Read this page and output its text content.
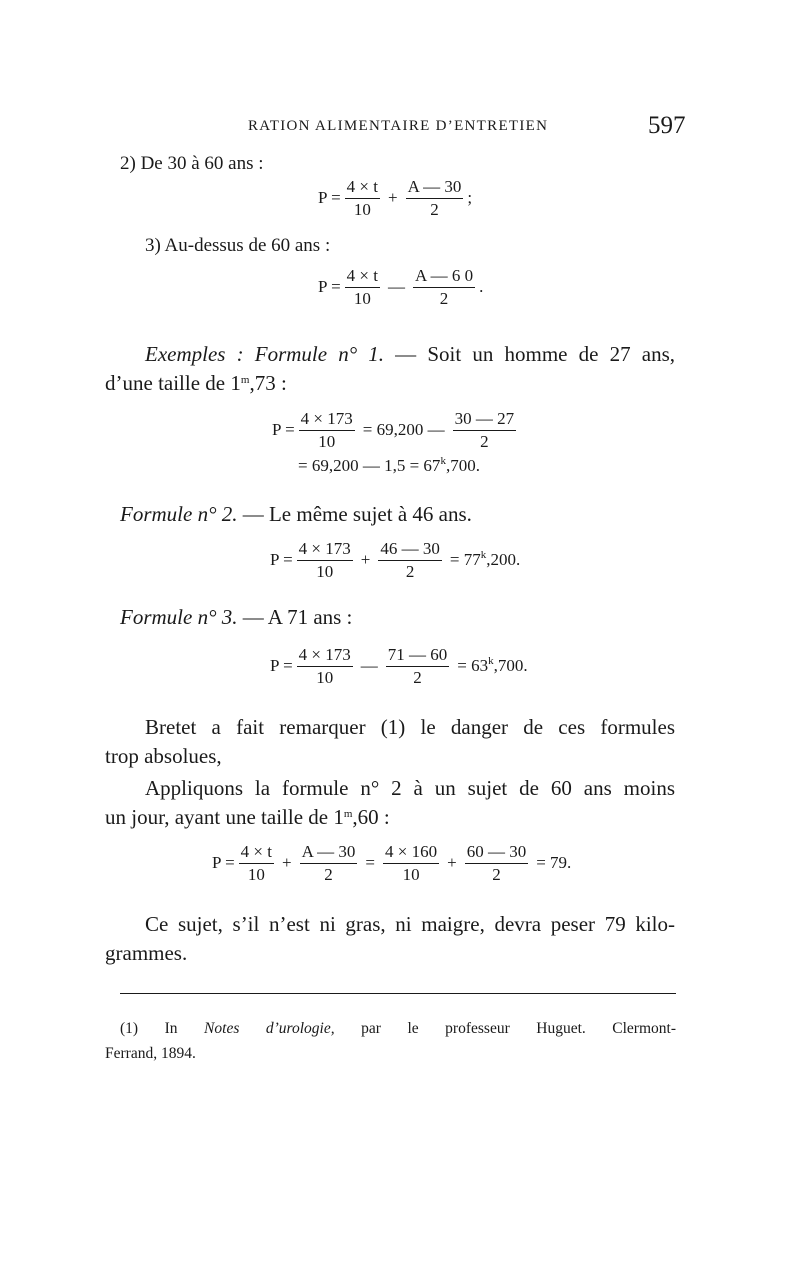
RATION ALIMENTAIRE D’ENTRETIEN	597
2) De 30 à 60 ans :
$P = \frac{4 \times t}{10} + \frac{A — 30}{2}$ ;
3) Au-dessus de 60 ans :
$P = \frac{4 \times t}{10}$ — $\frac{A — 6 0}{2}$ .
Exemples : Formule n° 1. — Soit un homme de 27 ans,
d’une taille de 1$^m$,73 :
$P = \frac{4 \times 173}{10} = 69,200$ — $\frac{30 — 27}{2}$
= 69,200 — $1,5 = 67^k,700$.
Formule n° 2. — Le même sujet à 46 ans.
$P = \frac{4 \times 173}{10} + \frac{46 — 30}{2} = 77^k,200$.
Formule n° 3. — A 71 ans :
$P = \frac{4 \times 173}{10}$ — $\frac{71 — 60}{2} = 63^k,700$.
Bretet a fait remarquer (1) le danger de ces formules
trop absolues,
Appliquons la formule n° 2 à un sujet de 60 ans moins
un jour, ayant une taille de 1$^m$,60 :
$P = \frac{4 \times t}{10} + \frac{A — 30}{2} = \frac{4 \times 160}{10} + \frac{60 — 30}{2} = 79$.
Ce sujet, s’il n’est ni gras, ni maigre, devra peser 79 kilo-
grammes.
(1) In Notes d’urologie, par le professeur Huguet. Clermont-
Ferrand, 1894.
